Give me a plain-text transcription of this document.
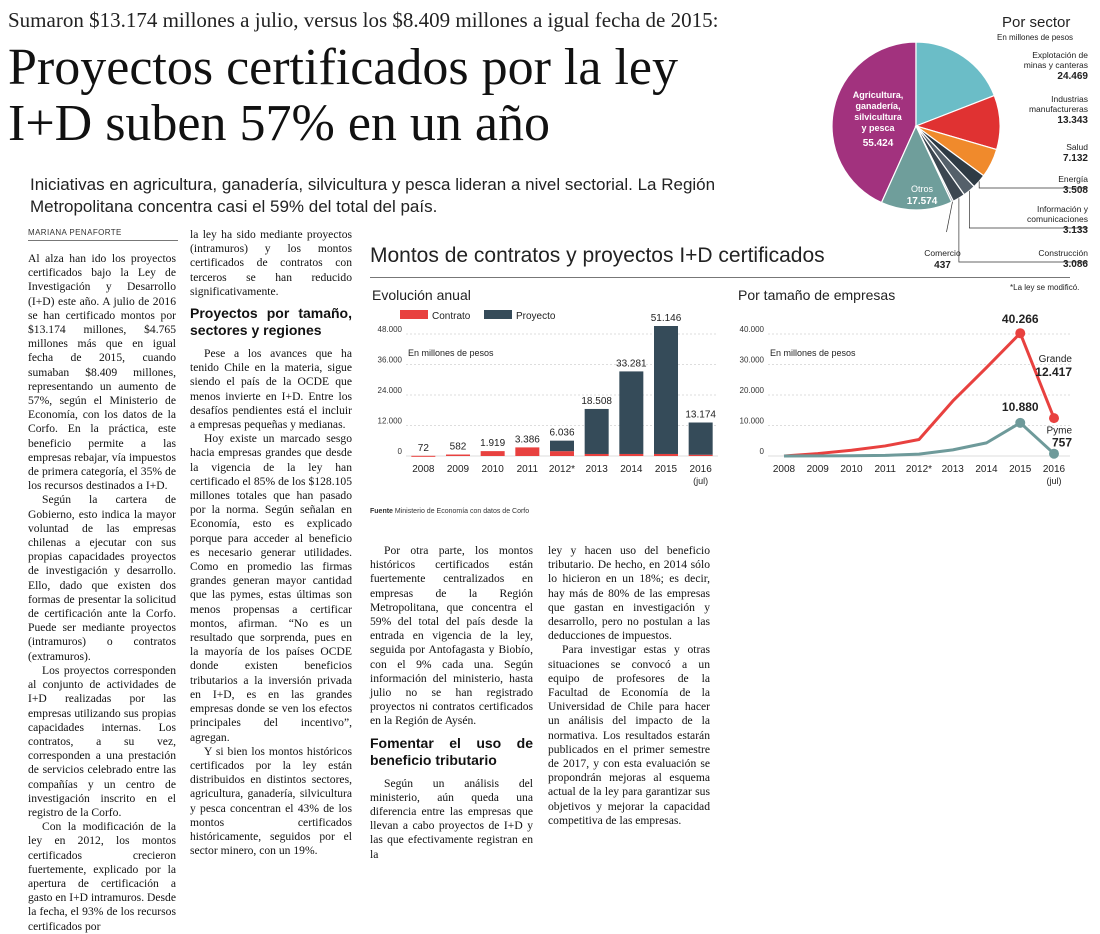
Sumaron $13.174 millones a julio, versus los $8.409 millones a igual fecha de 2015:
Proyectos certificados por la ley
I+D suben 57% en un año
Iniciativas en agricultura, ganadería, silvicultura y pesca lideran a nivel sectorial. La Región Metropolitana concentra casi el 59% del total del país.
MARIANA PENAFORTE

Al alza han ido los proyectos certificados bajo la Ley de Investigación y Desarrollo (I+D) este año. A julio de 2016 se han certificado montos por $13.174 millones, $4.765 millones más que en igual fecha de 2015, cuando sumaban $8.409 millones, representando un aumento de 57%, según el Ministerio de Economía, con los datos de la Corfo. En la práctica, este beneficio permite a las empresas rebajar, vía impuestos de primera categoría, el 35% de los recursos destinados a I+D.

Según la cartera de Gobierno, esto indica la mayor voluntad de las empresas chilenas a ejecutar con sus propias capacidades proyectos de investigación y desarrollo. Ello, dado que existen dos formas de presentar la solicitud de certificación ante la Corfo. Puede ser mediante proyectos (intramuros) o contratos (extramuros).

Los proyectos corresponden al conjunto de actividades de I+D realizadas por las empresas utilizando sus propias capacidades internas. Los contratos, a su vez, corresponden a una prestación de servicios celebrado entre las compañías y un centro de investigación inscrito en el registro de la Corfo.

Con la modificación de la ley en 2012, los montos certificados crecieron fuertemente, explicado por la apertura de certificación a gasto en I+D intramuros. Desde la fecha, el 93% de los recursos certificados por

la ley ha sido mediante proyectos (intramuros) y los montos certificados de contratos con terceros se han reducido significativamente.

Proyectos por tamaño, sectores y regiones

Pese a los avances que ha tenido Chile en la materia, sigue siendo el país de la OCDE que menos invierte en I+D. Entre los desafíos pendientes está el incluir a empresas pequeñas y medianas.

Hoy existe un marcado sesgo hacia empresas grandes que desde la vigencia de la ley han certificado el 85% de los $128.105 millones totales que han pasado por la norma. Según señalan en Economía, esto es explicado porque para acceder al beneficio es necesario generar utilidades. Como en promedio las firmas grandes generan mayor cantidad que las pymes, estas últimas son menos propensas a certificar montos, afirman. “No es un resultado que sorprenda, pues en la mayoría de los países OCDE donde existen beneficios tributarios a la inversión privada en I+D, es en las grandes empresas donde se ven los efectos principales del incentivo”, agregan.

Y si bien los montos históricos certificados por la ley están distribuidos en distintos sectores, agricultura, ganadería, silvicultura y pesca concentran el 43% de los montos certificados históricamente, seguidos por el sector minero, con un 19%.

Montos de contratos y proyectos I+D certificados
Evolución anual	Por tamaño de empresas
Contrato	Proyecto
En millones de pesos
0
12.000
24.000
36.000
48.000
72
2008
582
2009
1.919
2010
3.386
2011
6.036
2012*
18.508
2013
33.281
2014
51.146
2015
13.174
2016
(jul)
En millones de pesos
0
10.000
20.000
30.000
40.000
2008 2009 2010 2011 2012* 2013 2014 2015 2016
(jul)
40.266
10.880
Grande
12.417
Pyme
757
Fuente Ministerio de Economía con datos de Corfo
Por sector
En millones de pesos
Agricultura,
ganadería,
silvicultura
y pesca
55.424
Otros
17.574
Explotación de
minas y canteras
24.469
Industrias
manufactureras
13.343
Salud
7.132
Energía
3.508
Información y
comunicaciones
3.133
Construcción
3.086
Comercio
437
*La ley se modificó.

Por otra parte, los montos históricos certificados están fuertemente centralizados en empresas de la Región Metropolitana, que concentra el 59% del total del país desde la entrada en vigencia de la ley, seguida por Antofagasta y Biobío, con el 9% cada una. Según información del ministerio, hasta julio no se han registrado proyectos ni contratos certificados en la Región de Aysén.

Fomentar el uso de beneficio tributario

Según un análisis del ministerio, aún queda una diferencia entre las empresas que llevan a cabo proyectos de I+D y las que efectivamente registran en la

ley y hacen uso del beneficio tributario. De hecho, en 2014 sólo lo hicieron en un 18%; es decir, hay más de 80% de las empresas que gastan en investigación y desarrollo, pero no postulan a las deducciones de impuestos.

Para investigar estas y otras situaciones se convocó a un equipo de profesores de la Facultad de Economía de la Universidad de Chile para hacer un análisis del impacto de la normativa. Los resultados estarán publicados en el primer semestre de 2017, y con esta evaluación se propondrán mejoras al esquema actual de la ley para garantizar sus objetivos y mejorar la capacidad competitiva de las empresas.
